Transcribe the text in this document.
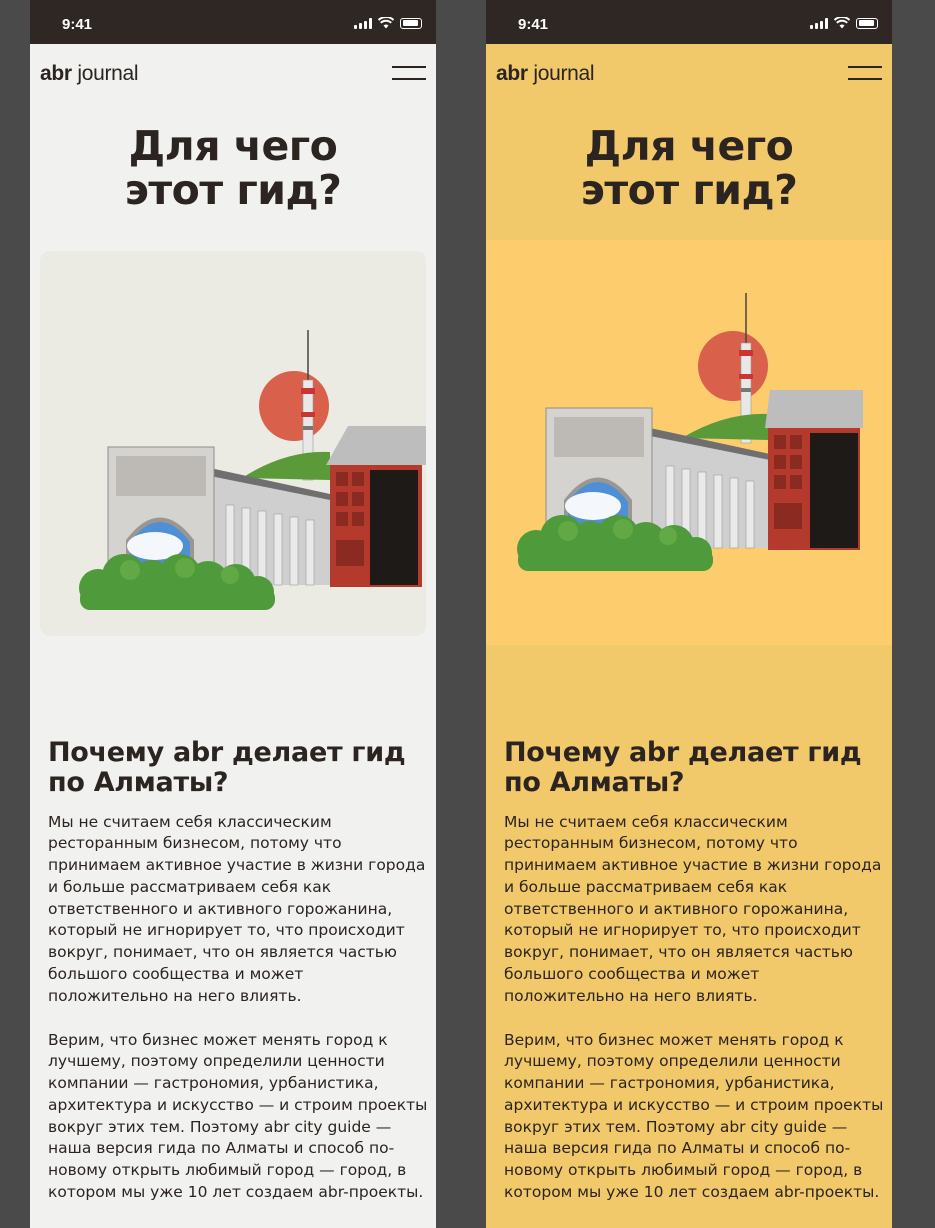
9:41
abr journal
Для чего
этот гид?
Почему abr делает гид
по Алматы?

Мы не считаем себя классическим ресторанным бизнесом, потому что принимаем активное участие в жизни города и больше рассматриваем себя как ответственного и активного горожанина, который не игнорирует то, что происходит вокруг, понимает, что он является частью большого сообщества и может положительно на него влиять.

Верим, что бизнес может менять город к лучшему, поэтому определили ценности компании — гастрономия, урбанистика, архитектура и искусство — и строим проекты вокруг этих тем. Поэтому abr city guide — наша версия гида по Алматы и способ по-новому открыть любимый город — город, в котором мы уже 10 лет создаем abr-проекты.

9:41
abr journal
Для чего
этот гид?
Почему abr делает гид
по Алматы?

Мы не считаем себя классическим ресторанным бизнесом, потому что принимаем активное участие в жизни города и больше рассматриваем себя как ответственного и активного горожанина, который не игнорирует то, что происходит вокруг, понимает, что он является частью большого сообщества и может положительно на него влиять.

Верим, что бизнес может менять город к лучшему, поэтому определили ценности компании — гастрономия, урбанистика, архитектура и искусство — и строим проекты вокруг этих тем. Поэтому abr city guide — наша версия гида по Алматы и способ по-новому открыть любимый город — город, в котором мы уже 10 лет создаем abr-проекты.
